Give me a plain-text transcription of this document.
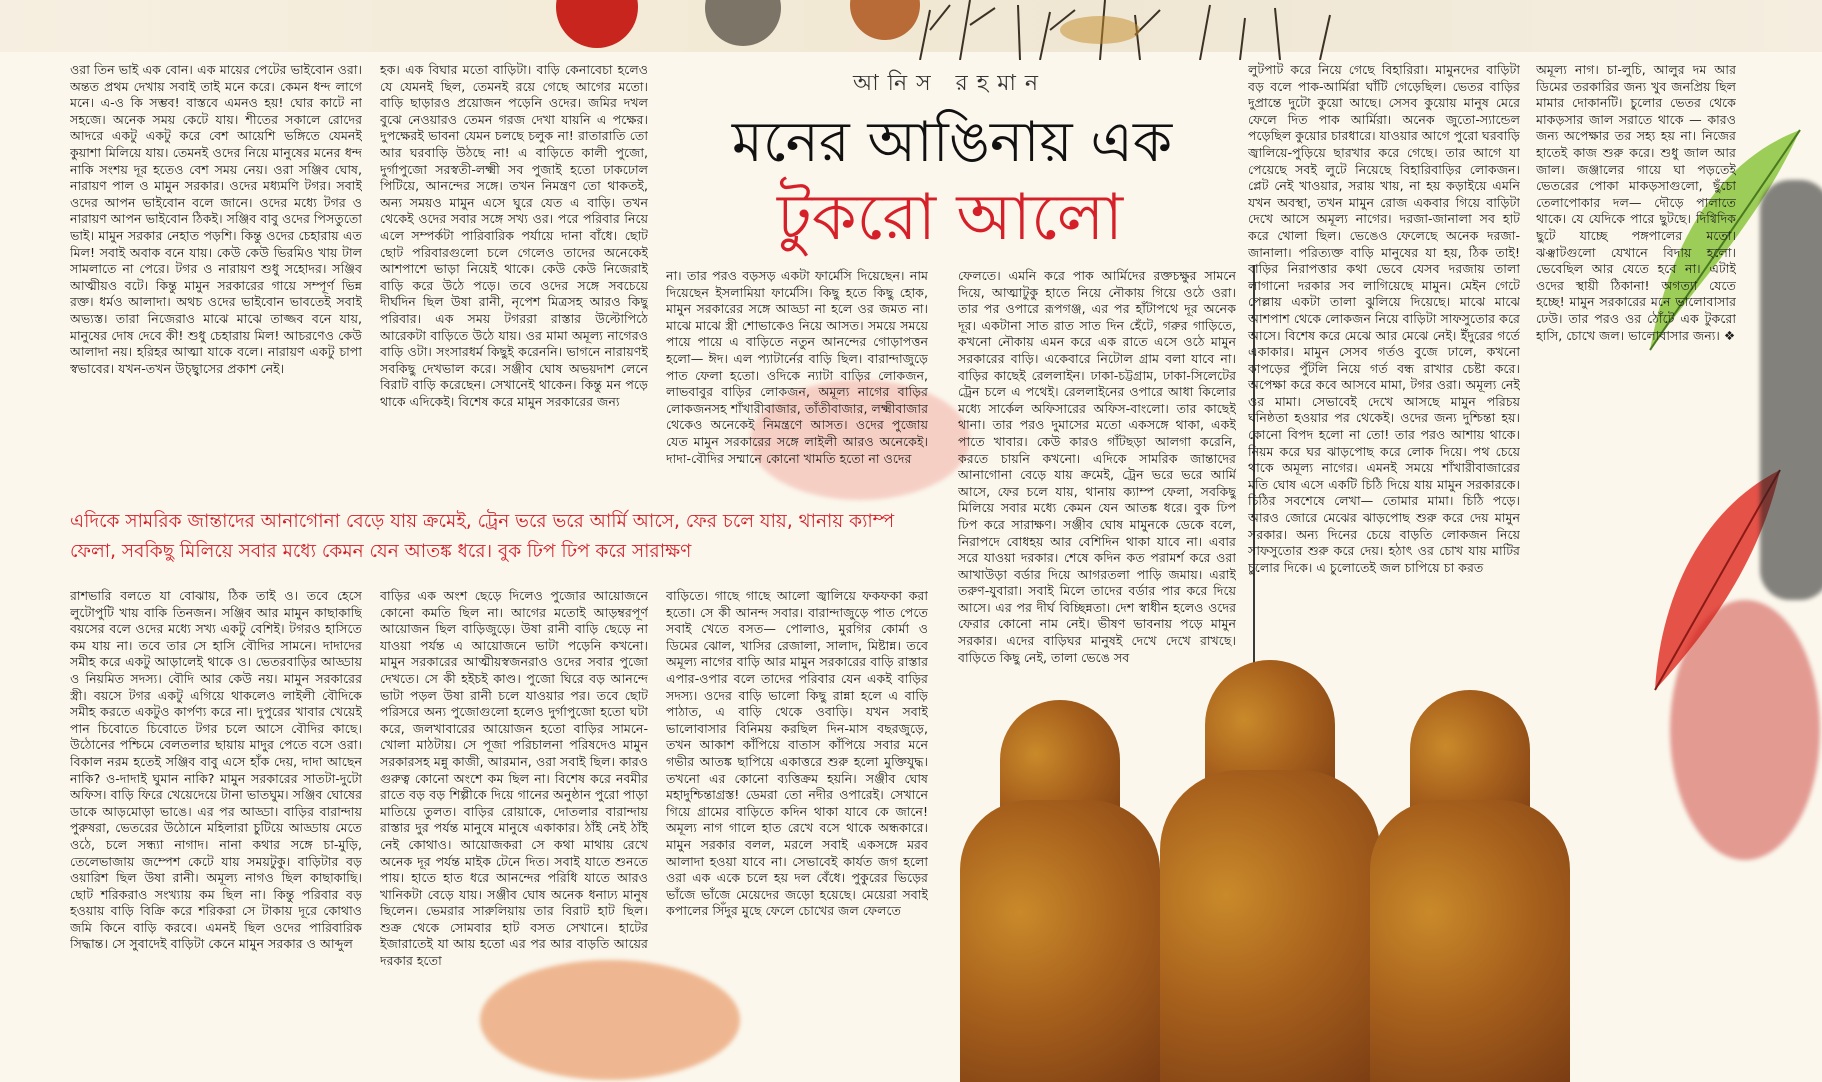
আনিস রহমান
মনের আঙিনায় এক
টুকরো আলো

ওরা তিন ভাই এক বোন। এক মায়ের পেটের ভাইবোন ওরা। অন্তত প্রথম দেখায় সবাই তাই মনে করে। কেমন ধন্দ লাগে মনে। এ-ও কি সম্ভব! বাস্তবে এমনও হয়! ঘোর কাটে না সহজে। অনেক সময় কেটে যায়। শীতের সকালে রোদের আদরে একটু একটু করে বেশ আয়েশি ভঙ্গিতে যেমনই কুয়াশা মিলিয়ে যায়। তেমনই ওদের নিয়ে মানুষের মনের ধন্দ নাকি সংশয় দূর হতেও বেশ সময় নেয়। ওরা সঞ্জিব ঘোষ, নারায়ণ পাল ও মামুন সরকার। ওদের মধ্যমণি টগর। সবাই ওদের আপন ভাইবোন বলে জানে। ওদের মধ্যে টগর ও নারায়ণ আপন ভাইবোন ঠিকই। সঞ্জিব বাবু ওদের পিসতুতো ভাই। মামুন সরকার নেহাত পড়শি। কিন্তু ওদের চেহারায় এত মিল! সবাই অবাক বনে যায়। কেউ কেউ ভিরমিও খায় টাল সামলাতে না পেরে। টগর ও নারায়ণ শুধু সহোদর। সঞ্জিব আত্মীয়ও বটে। কিন্তু মামুন সরকারের গায়ে সম্পূর্ণ ভিন্ন রক্ত। ধর্মও আলাদা। অথচ ওদের ভাইবোন ভাবতেই সবাই অভ্যস্ত। তারা নিজেরাও মাঝে মাঝে তাজ্জব বনে যায়, মানুষের দোষ দেবে কী! শুধু চেহারায় মিল! আচরণেও কেউ আলাদা নয়। হরিহর আত্মা যাকে বলে। নারায়ণ একটু চাপা স্বভাবের। যখন-তখন উচ্ছ্বাসের প্রকাশ নেই।

হক। এক বিঘার মতো বাড়িটা। বাড়ি কেনাবেচা হলেও যে যেমনই ছিল, তেমনই রয়ে গেছে আগের মতো। বাড়ি ছাড়ারও প্রয়োজন পড়েনি ওদের। জমির দখল বুঝে নেওয়ারও তেমন গরজ দেখা যায়নি এ পক্ষের। দুপক্ষেরই ভাবনা যেমন চলছে চলুক না! রাতারাতি তো আর ঘরবাড়ি উঠছে না! এ বাড়িতে কালী পুজো, দুর্গাপুজো সরস্বতী-লক্ষ্মী সব পুজাই হতো ঢাকঢোল পিটিয়ে, আনন্দের সঙ্গে। তখন নিমন্ত্রণ তো থাকতই, অন্য সময়ও মামুন এসে ঘুরে যেত এ বাড়ি। তখন থেকেই ওদের সবার সঙ্গে সখ্য ওর। পরে পরিবার নিয়ে এলে সম্পর্কটা পারিবারিক পর্যায়ে দানা বাঁধে। ছোট ছোট পরিবারগুলো চলে গেলেও তাদের অনেকেই আশপাশে ভাড়া নিয়েই থাকে। কেউ কেউ নিজেরাই বাড়ি করে উঠে পড়ে। তবে ওদের সঙ্গে সবচেয়ে দীর্ঘদিন ছিল উষা রানী, নৃপেশ মিত্রসহ আরও কিছু পরিবার। এক সময় টগররা রাস্তার উল্টোপিঠে আরেকটা বাড়িতে উঠে যায়। ওর মামা অমূল্য নাগেরও বাড়ি ওটা। সংসারধর্ম কিছুই করেননি। ভাগনে নারায়ণই সবকিছু দেখভাল করে। সঞ্জীব ঘোষ অভয়দাশ লেনে বিরাট বাড়ি করেছেন। সেখানেই থাকেন। কিন্তু মন পড়ে থাকে এদিকেই। বিশেষ করে মামুন সরকারের জন্য

না। তার পরও বড়সড় একটা ফার্মেসি দিয়েছেন। নাম দিয়েছেন ইসলামিয়া ফার্মেসি। কিছু হতে কিছু হোক, মামুন সরকারের সঙ্গে আড্ডা না হলে ওর জমত না। মাঝে মাঝে স্ত্রী শোভাকেও নিয়ে আসত। সময়ে সময়ে পায়ে পায়ে এ বাড়িতে নতুন আনন্দের গোড়াপত্তন হলো— ঈদ। এল প্যাটার্নের বাড়ি ছিল। বারান্দাজুড়ে পাত ফেলা হতো। ওদিকে ন্যাটা বাড়ির লোকজন, লাভবাবুর বাড়ির লোকজন, অমূল্য নাগের বাড়ির লোকজনসহ শাঁখারীবাজার, তাঁতীবাজার, লক্ষ্মীবাজার থেকেও অনেকেই নিমন্ত্রণে আসত। ওদের পুজোয় যেত মামুন সরকারের সঙ্গে লাইলী আরও অনেকেই। দাদা-বৌদির সম্মানে কোনো খামতি হতো না ওদের

ফেলতে। এমনি করে পাক আর্মিদের রক্তচক্ষুর সামনে দিয়ে, আত্মাটুকু হাতে নিয়ে নৌকায় গিয়ে ওঠে ওরা। তার পর ওপারে রূপগঞ্জ, এর পর হাঁটাপথে দূর অনেক দূর। একটানা সাত রাত সাত দিন হেঁটে, গরুর গাড়িতে, কখনো নৌকায় এমন করে এক রাতে এসে ওঠে মামুন সরকারের বাড়ি। একেবারে নিটোল গ্রাম বলা যাবে না। বাড়ির কাছেই রেললাইন। ঢাকা-চট্টগ্রাম, ঢাকা-সিলেটের ট্রেন চলে এ পথেই। রেললাইনের ওপারে আধা কিলোর মধ্যে সার্কেল অফিসারের অফিস-বাংলো। তার কাছেই থানা। তার পরও দুমাসের মতো একসঙ্গে থাকা, একই পাতে খাবার। কেউ কারও গাঁটছড়া আলগা করেনি, করতে চায়নি কখনো। এদিকে সামরিক জান্তাদের আনাগোনা বেড়ে যায় ক্রমেই, ট্রেন ভরে ভরে আর্মি আসে, ফের চলে যায়, থানায় ক্যাম্প ফেলা, সবকিছু মিলিয়ে সবার মধ্যে কেমন যেন আতঙ্ক ধরে। বুক ঢিপ ঢিপ করে সারাক্ষণ। সঞ্জীব ঘোষ মামুনকে ডেকে বলে, নিরাপদে বোধহয় আর বেশিদিন থাকা যাবে না। এবার সরে যাওয়া দরকার। শেষে কদিন কত পরামর্শ করে ওরা আখাউড়া বর্ডার দিয়ে আগরতলা পাড়ি জমায়। এরাই তরুণ-যুবারা। সবাই মিলে তাদের বর্ডার পার করে দিয়ে আসে। এর পর দীর্ঘ বিচ্ছিন্নতা। দেশ স্বাধীন হলেও ওদের ফেরার কোনো নাম নেই। ভীষণ ভাবনায় পড়ে মামুন সরকার। এদের বাড়িঘর মানুষই দেখে দেখে রাখছে। বাড়িতে কিছু নেই, তালা ভেঙে সব

লুটপাট করে নিয়ে গেছে বিহারিরা। মামুনদের বাড়িটা বড় বলে পাক-আর্মিরা ঘাঁটি গেড়েছিল। ভেতর বাড়ির দুপ্রান্তে দুটো কুয়ো আছে। সেসব কুয়োয় মানুষ মেরে ফেলে দিত পাক আর্মিরা। অনেক জুতো-স্যান্ডেল পড়েছিল কুয়োর চারধারে। যাওয়ার আগে পুরো ঘরবাড়ি জ্বালিয়ে-পুড়িয়ে ছারখার করে গেছে। তার আগে যা পেয়েছে সবই লুটে নিয়েছে বিহারিবাড়ির লোকজন। প্লেট নেই খাওয়ার, সরায় খায়, না হয় কড়াইয়ে এমনি যখন অবস্থা, তখন মামুন রোজ একবার গিয়ে বাড়িটা দেখে আসে অমূল্য নাগের। দরজা-জানালা সব হাট করে খোলা ছিল। ভেঙেও ফেলেছে অনেক দরজা-জানালা। পরিত্যক্ত বাড়ি মানুষের যা হয়, ঠিক তাই! বাড়ির নিরাপত্তার কথা ভেবে যেসব দরজায় তালা লাগানো দরকার সব লাগিয়েছে মামুন। মেইন গেটে পেল্লায় একটা তালা ঝুলিয়ে দিয়েছে। মাঝে মাঝে আশপাশ থেকে লোকজন নিয়ে বাড়িটা সাফসুতোর করে আসে। বিশেষ করে মেঝে আর মেঝে নেই। ইঁদুরের গর্তে একাকার। মামুন সেসব গর্তও বুজে ঢালে, কখনো কাপড়ের পুঁটলি নিয়ে গর্ত বন্ধ রাখার চেষ্টা করে। অপেক্ষা করে কবে আসবে মামা, টগর ওরা। অমূল্য নেই ওর মামা। সেভাবেই দেখে আসছে মামুন পরিচয় ঘনিষ্ঠতা হওয়ার পর থেকেই। ওদের জন্য দুশ্চিন্তা হয়। কোনো বিপদ হলো না তো! তার পরও আশায় থাকে। নিয়ম করে ঘর ঝাড়পোছ করে লোক দিয়ে। পথ চেয়ে থাকে অমূল্য নাগের। এমনই সময়ে শাঁখারীবাজারের মতি ঘোষ এসে একটি চিঠি দিয়ে যায় মামুন সরকারকে। চিঠির সবশেষে লেখা— তোমার মামা। চিঠি পড়ে। আরও জোরে মেঝের ঝাড়পোছ শুরু করে দেয় মামুন সরকার। অন্য দিনের চেয়ে বাড়তি লোকজন নিয়ে সাফসুতোর শুরু করে দেয়। হঠাৎ ওর চোখ যায় মাটির চুলোর দিকে। এ চুলোতেই জল চাপিয়ে চা করত

অমূল্য নাগ। চা-লুচি, আলুর দম আর ডিমের তরকারির জন্য খুব জনপ্রিয় ছিল মামার দোকানটি। চুলোর ভেতর থেকে মাকড়সার জাল সরাতে থাকে — কারও জন্য অপেক্ষার তর সহ্য হয় না। নিজের হাতেই কাজ শুরু করে। শুধু জাল আর জাল। জঞ্জালের গায়ে ঘা পড়তেই ভেতরের পোকা মাকড়সাগুলো, ছুঁচো তেলাপোকার দল— দৌড়ে পালাতে থাকে। যে যেদিকে পারে ছুটছে। দিগ্বিদিক ছুটে যাচ্ছে পঙ্গপালের মতো। ঝঞ্ঝাটগুলো যেখানে বিদায় হলো। ভেবেছিল আর যেতে হবে না। এটাই ওদের স্থায়ী ঠিকানা! অগত্যা যেতে হচ্ছে! মামুন সরকারের মনে ভালোবাসার ঢেউ। তার পরও ওর ঠোঁটে এক টুকরো হাসি, চোখে জল। ভালোবাসার জন্য। ❖

এদিকে সামরিক জান্তাদের আনাগোনা বেড়ে যায় ক্রমেই, ট্রেন ভরে ভরে আর্মি আসে, ফের চলে যায়, থানায় ক্যাম্প ফেলা, সবকিছু মিলিয়ে সবার মধ্যে কেমন যেন আতঙ্ক ধরে। বুক ঢিপ ঢিপ করে সারাক্ষণ

রাশভারি বলতে যা বোঝায়, ঠিক তাই ও। তবে হেসে লুটোপুটি খায় বাকি তিনজন। সঞ্জিব আর মামুন কাছাকাছি বয়সের বলে ওদের মধ্যে সখ্য একটু বেশিই। টগরও হাসিতে কম যায় না। তবে তার সে হাসি বৌদির সামনে। দাদাদের সমীহ করে একটু আড়ালেই থাকে ও। ভেতরবাড়ির আড্ডায় ও নিয়মিত সদস্য। বৌদি আর কেউ নয়। মামুন সরকারের স্ত্রী। বয়সে টগর একটু এগিয়ে থাকলেও লাইলী বৌদিকে সমীহ করতে একটুও কার্পণ্য করে না। দুপুরের খাবার খেয়েই পান চিবোতে চিবোতে টগর চলে আসে বৌদির কাছে। উঠোনের পশ্চিমে বেলতলার ছায়ায় মাদুর পেতে বসে ওরা। বিকাল নরম হতেই সঞ্জিব বাবু এসে হাঁক দেয়, দাদা আছেন নাকি? ও-দাদাই ঘুমান নাকি? মামুন সরকারের সাতটা-দুটো অফিস। বাড়ি ফিরে খেয়েদেয়ে টানা ভাতঘুম। সঞ্জিব ঘোষের ডাকে আড়মোড়া ভাঙে। এর পর আড্ডা। বাড়ির বারান্দায় পুরুষরা, ভেতরের উঠোনে মহিলারা চুটিয়ে আড্ডায় মেতে ওঠে, চলে সন্ধ্যা নাগাদ। নানা কথার সঙ্গে চা-মুড়ি, তেলেভাজায় জম্পেশ কেটে যায় সময়টুকু। বাড়িটার বড় ওয়ারিশ ছিল উষা রানী। অমূল্য নাগও ছিল কাছাকাছি। ছোট শরিকরাও সংখ্যায় কম ছিল না। কিন্তু পরিবার বড় হওয়ায় বাড়ি বিক্রি করে শরিকরা সে টাকায় দূরে কোথাও জমি কিনে বাড়ি করবে। এমনই ছিল ওদের পারিবারিক সিদ্ধান্ত। সে সুবাদেই বাড়িটা কেনে মামুন সরকার ও আব্দুল

বাড়ির এক অংশ ছেড়ে দিলেও পুজোর আয়োজনে কোনো কমতি ছিল না। আগের মতোই আড়ম্বরপূর্ণ আয়োজন ছিল বাড়িজুড়ে। উষা রানী বাড়ি ছেড়ে না যাওয়া পর্যন্ত এ আয়োজনে ভাটা পড়েনি কখনো। মামুন সরকারের আত্মীয়স্বজনরাও ওদের সবার পুজো দেখতে। সে কী হইচই কাণ্ড। পুজো ঘিরে বড় আনন্দে ভাটা পড়ল উষা রানী চলে যাওয়ার পর। তবে ছোট পরিসরে অন্য পুজোগুলো হলেও দুর্গাপুজো হতো ঘটা করে, জলখাবারের আয়োজন হতো বাড়ির সামনে- খোলা মাঠটায়। সে পূজা পরিচালনা পরিষদেও মামুন সরকারসহ মন্নু কাজী, আরমান, ওরা সবাই ছিল। কারও গুরুত্ব কোনো অংশে কম ছিল না। বিশেষ করে নবমীর রাতে বড় বড় শিল্পীকে দিয়ে গানের অনুষ্ঠান পুরো পাড়া মাতিয়ে তুলত। বাড়ির রোয়াকে, দোতলার বারান্দায় রাস্তার দুর পর্যন্ত মানুষে মানুষে একাকার। ঠাঁই নেই ঠাঁই নেই কোথাও। আয়োজকরা সে কথা মাথায় রেখে অনেক দূর পর্যন্ত মাইক টেনে দিত। সবাই যাতে শুনতে পায়। হাতে হাত ধরে আনন্দের পরিধি যাতে আরও খানিকটা বেড়ে যায়। সঞ্জীব ঘোষ অনেক ধনাঢ্য মানুষ ছিলেন। ভেমরার সারুলিয়ায় তার বিরাট হাট ছিল। শুক্র থেকে সোমবার হাট বসত সেখানে। হাটের ইজারাতেই যা আয় হতো এর পর আর বাড়তি আয়ের দরকার হতো

বাড়িতে। গাছে গাছে আলো জ্বালিয়ে ফকফকা করা হতো। সে কী আনন্দ সবার। বারান্দাজুড়ে পাত পেতে সবাই খেতে বসত— পোলাও, মুরগির কোর্মা ও ডিমের ঝোল, খাসির রেজালা, সালাদ, মিষ্টান্ন। তবে অমূল্য নাগের বাড়ি আর মামুন সরকারের বাড়ি রাস্তার এপার-ওপার বলে তাদের পরিবার যেন একই বাড়ির সদস্য। ওদের বাড়ি ভালো কিছু রান্না হলে এ বাড়ি পাঠাত, এ বাড়ি থেকে ওবাড়ি। যখন সবাই ভালোবাসার বিনিময় করছিল দিন-মাস বছরজুড়ে, তখন আকাশ কাঁপিয়ে বাতাস কাঁপিয়ে সবার মনে গভীর আতঙ্ক ছাপিয়ে একাত্তরে শুরু হলো মুক্তিযুদ্ধ। তখনো এর কোনো ব্যত্তিক্রম হয়নি। সঞ্জীব ঘোষ মহাদুশ্চিন্তাগ্রস্ত! ডেমরা তো নদীর ওপারেই। সেখানে গিয়ে গ্রামের বাড়িতে কদিন থাকা যাবে কে জানে! অমূল্য নাগ গালে হাত রেখে বসে থাকে অন্ধকারে। মামুন সরকার বলল, মরলে সবাই একসঙ্গে মরব আলাদা হওয়া যাবে না। সেভাবেই কার্যত জগ হলো ওরা এক একে চলে হয় দল বেঁধে। পুকুরের ভিড়ের ভাঁজে ভাঁজে মেয়েদের জড়ো হয়েছে। মেয়েরা সবাই কপালের সিঁদুর মুছে ফেলে চোখের জল ফেলতে
